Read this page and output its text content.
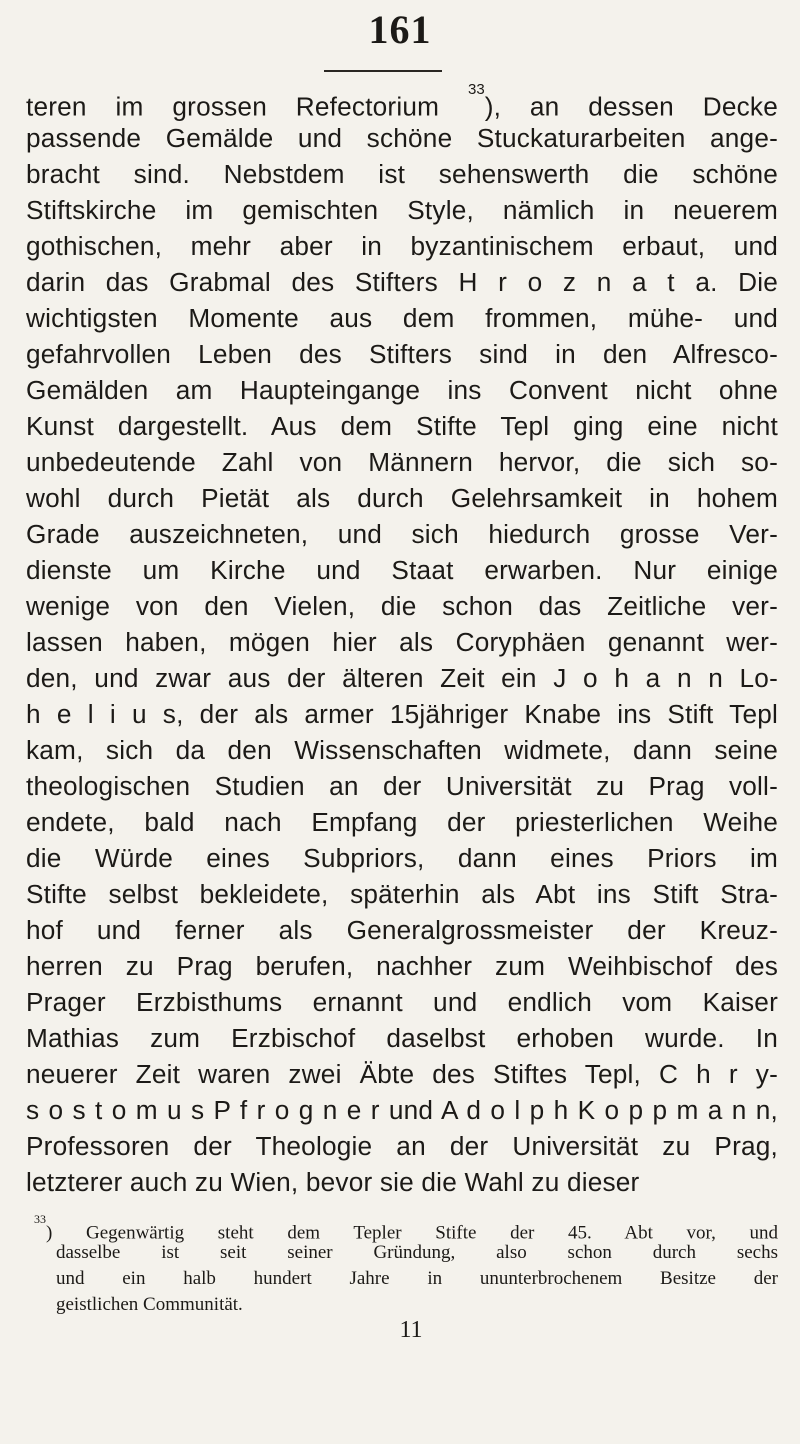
161
teren im grossen Refectorium $^{33}$), an dessen Decke
passende Gemälde und schöne Stuckaturarbeiten ange-
bracht sind. Nebstdem ist sehenswerth die schöne
Stiftskirche im gemischten Style, nämlich in neuerem
gothischen, mehr aber in byzantinischem erbaut, und
darin das Grabmal des Stifters H r o z n a t a. Die
wichtigsten Momente aus dem frommen, mühe- und
gefahrvollen Leben des Stifters sind in den Alfresco-
Gemälden am Haupteingange ins Convent nicht ohne
Kunst dargestellt. Aus dem Stifte Tepl ging eine nicht
unbedeutende Zahl von Männern hervor, die sich so-
wohl durch Pietät als durch Gelehrsamkeit in hohem
Grade auszeichneten, und sich hiedurch grosse Ver-
dienste um Kirche und Staat erwarben. Nur einige
wenige von den Vielen, die schon das Zeitliche ver-
lassen haben, mögen hier als Coryphäen genannt wer-
den, und zwar aus der älteren Zeit ein J o h a n n Lo-
h e l i u s, der als armer 15jähriger Knabe ins Stift Tepl
kam, sich da den Wissenschaften widmete, dann seine
theologischen Studien an der Universität zu Prag voll-
endete, bald nach Empfang der priesterlichen Weihe
die Würde eines Subpriors, dann eines Priors im
Stifte selbst bekleidete, späterhin als Abt ins Stift Stra-
hof und ferner als Generalgrossmeister der Kreuz-
herren zu Prag berufen, nachher zum Weihbischof des
Prager Erzbisthums ernannt und endlich vom Kaiser
Mathias zum Erzbischof daselbst erhoben wurde. In
neuerer Zeit waren zwei Äbte des Stiftes Tepl, C h r y-
s o s t o m u s P f r o g n e r und A d o l p h K o p p m a n n,
Professoren der Theologie an der Universität zu Prag,
letzterer auch zu Wien, bevor sie die Wahl zu dieser
$^{33}$) Gegenwärtig steht dem Tepler Stifte der 45. Abt vor, und
dasselbe ist seit seiner Gründung, also schon durch sechs
und ein halb hundert Jahre in ununterbrochenem Besitze der
geistlichen Communität.
11
